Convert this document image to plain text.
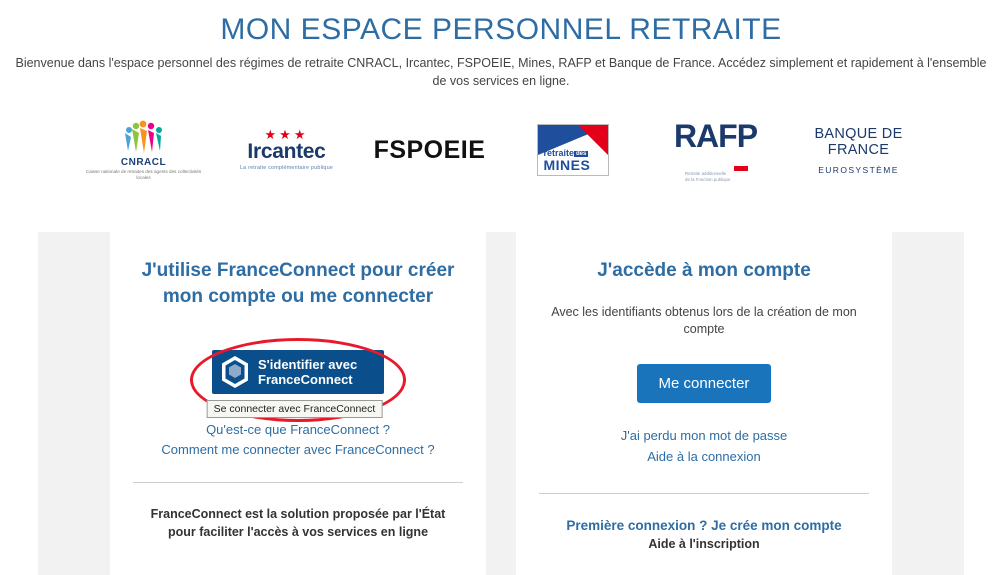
MON ESPACE PERSONNEL RETRAITE

Bienvenue dans l'espace personnel des régimes de retraite CNRACL, Ircantec, FSPOEIE, Mines, RAFP et Banque de France. Accédez simplement et rapidement à l'ensemble de vos services en ligne.

CNRACL
Caisse nationale de retraites des agents des collectivités locales
★★★
Ircantec
La retraite complémentaire publique
FSPOEIE	retraite des
MINES
RAFP
Retraite additionnelle de la Fonction publique
BANQUE DE FRANCE
EUROSYSTÈME
J'utilise FranceConnect pour créer mon compte ou me connecter
S'identifier avec
FranceConnect
Se connecter avec FranceConnect
Qu'est-ce que FranceConnect ?
Comment me connecter avec FranceConnect ?
FranceConnect est la solution proposée par l'État pour faciliter l'accès à vos services en ligne
J'accède à mon compte
Avec les identifiants obtenus lors de la création de mon compte
Me connecter
J'ai perdu mon mot de passe
Aide à la connexion
Première connexion ? Je crée mon compte
Aide à l'inscription
